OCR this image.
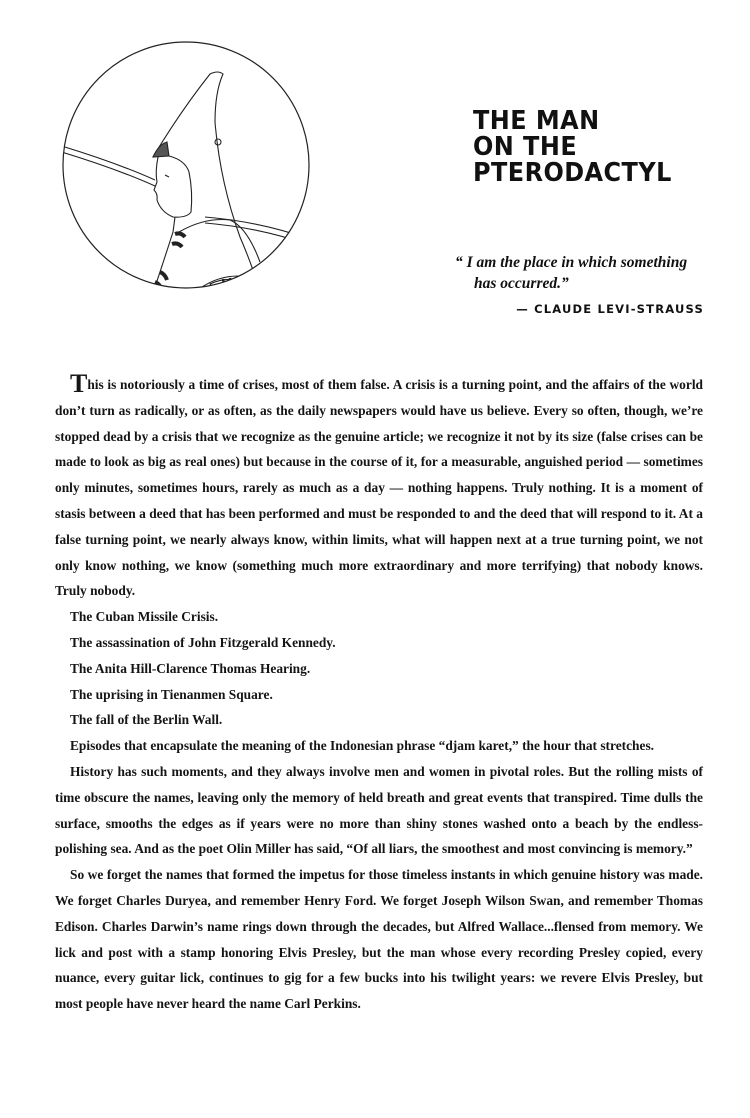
THE MAN
ON THE
PTERODACTYL
“ I am the place in which something
has occurred.”
— CLAUDE LEVI-STRAUSS

This is notoriously a time of crises, most of them false. A crisis is a turning point, and the affairs of the world don’t turn as radically, or as often, as the daily newspapers would have us believe. Every so often, though, we’re stopped dead by a crisis that we recognize as the genuine article; we recognize it not by its size (false crises can be made to look as big as real ones) but because in the course of it, for a measurable, anguished period — sometimes only minutes, sometimes hours, rarely as much as a day — nothing happens. Truly nothing. It is a moment of stasis between a deed that has been performed and must be responded to and the deed that will respond to it. At a false turning point, we nearly always know, within limits, what will happen next at a true turning point, we not only know nothing, we know (something much more extraordinary and more terrifying) that nobody knows. Truly nobody.

The Cuban Missile Crisis.

The assassination of John Fitzgerald Kennedy.

The Anita Hill-Clarence Thomas Hearing.

The uprising in Tienanmen Square.

The fall of the Berlin Wall.

Episodes that encapsulate the meaning of the Indonesian phrase “djam karet,” the hour that stretches.

History has such moments, and they always involve men and women in pivotal roles. But the rolling mists of time obscure the names, leaving only the memory of held breath and great events that transpired. Time dulls the surface, smooths the edges as if years were no more than shiny stones washed onto a beach by the endless-polishing sea. And as the poet Olin Miller has said, “Of all liars, the smoothest and most convincing is memory.”

So we forget the names that formed the impetus for those timeless instants in which genuine history was made. We forget Charles Duryea, and remember Henry Ford. We forget Joseph Wilson Swan, and remember Thomas Edison. Charles Darwin’s name rings down through the decades, but Alfred Wallace...flensed from memory. We lick and post with a stamp honoring Elvis Presley, but the man whose every recording Presley copied, every nuance, every guitar lick, continues to gig for a few bucks into his twilight years: we revere Elvis Presley, but most people have never heard the name Carl Perkins.
